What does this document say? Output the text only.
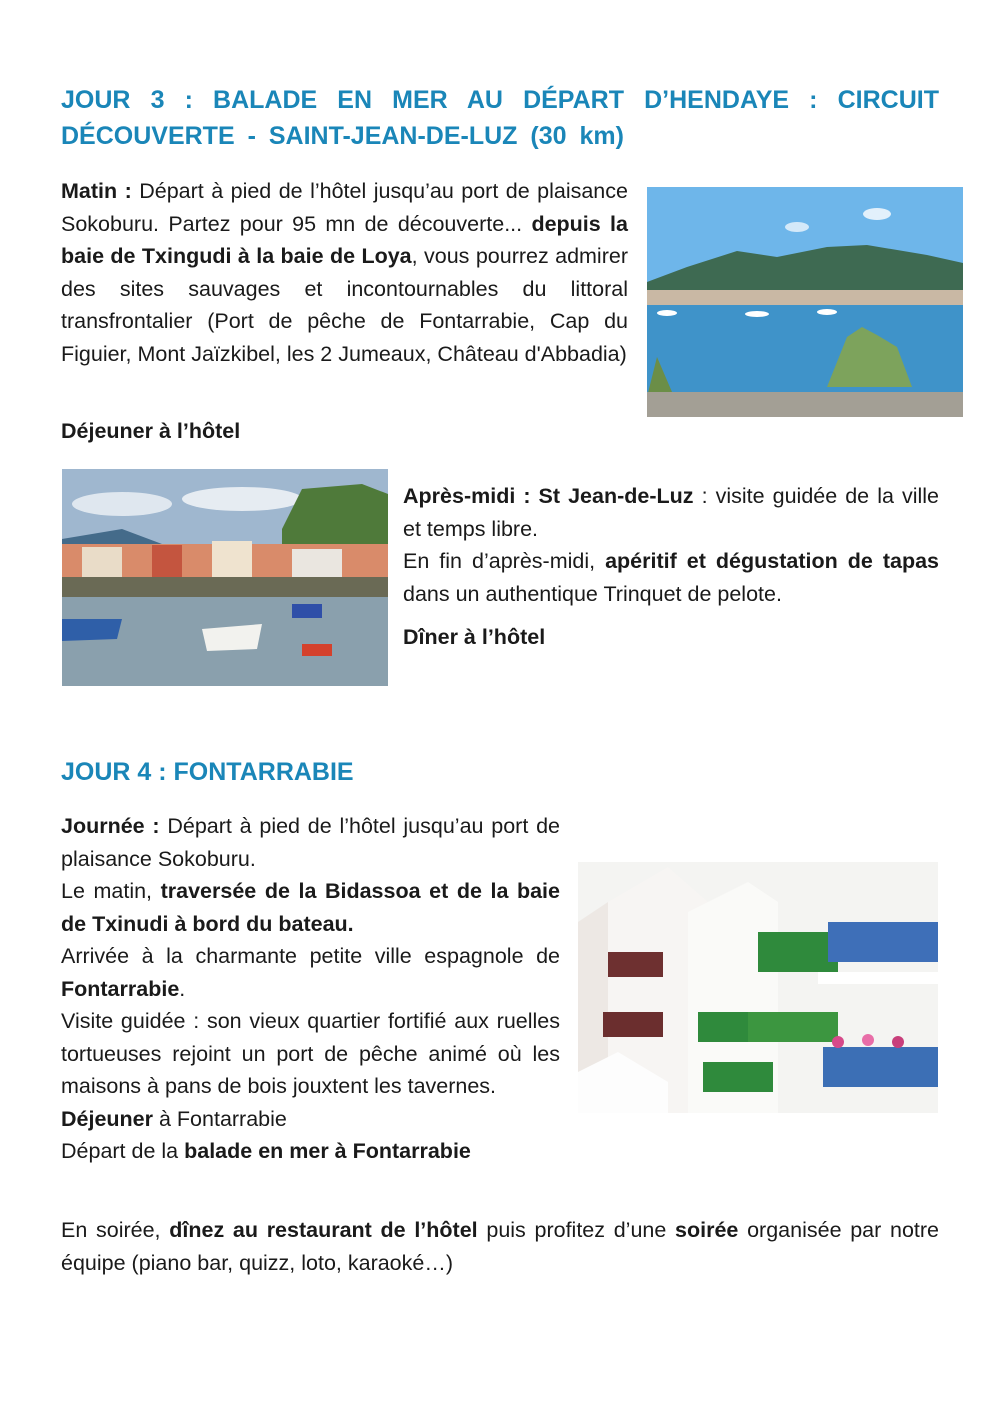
JOUR 3 : BALADE EN MER AU DÉPART D’HENDAYE : CIRCUIT DÉCOUVERTE - SAINT-JEAN-DE-LUZ (30 km)

Matin : Départ à pied de l’hôtel jusqu’au port de plaisance Sokoburu. Partez pour 95 mn de découverte... depuis la baie de Txingudi à la baie de Loya, vous pourrez admirer des sites sauvages et incontournables du littoral transfrontalier (Port de pêche de Fontarrabie, Cap du Figuier, Mont Jaïzkibel, les 2 Jumeaux, Château d'Abbadia)

Déjeuner à l’hôtel

Après-midi : St Jean-de-Luz : visite guidée de la ville et temps libre.
En fin d’après-midi, apéritif et dégustation de tapas dans un authentique Trinquet de pelote.

Dîner à l’hôtel

JOUR 4 : FONTARRABIE

Journée : Départ à pied de l’hôtel jusqu’au port de plaisance Sokoburu.
Le matin, traversée de la Bidassoa et de la baie de Txinudi à bord du bateau.
Arrivée à la charmante petite ville espagnole de Fontarrabie.
Visite guidée : son vieux quartier fortifié aux ruelles tortueuses rejoint un port de pêche animé où les maisons à pans de bois jouxtent les tavernes.
Déjeuner à Fontarrabie
Départ de la balade en mer à Fontarrabie

En soirée, dînez au restaurant de l’hôtel puis profitez d’une soirée organisée par notre équipe (piano bar, quizz, loto, karaoké…)
